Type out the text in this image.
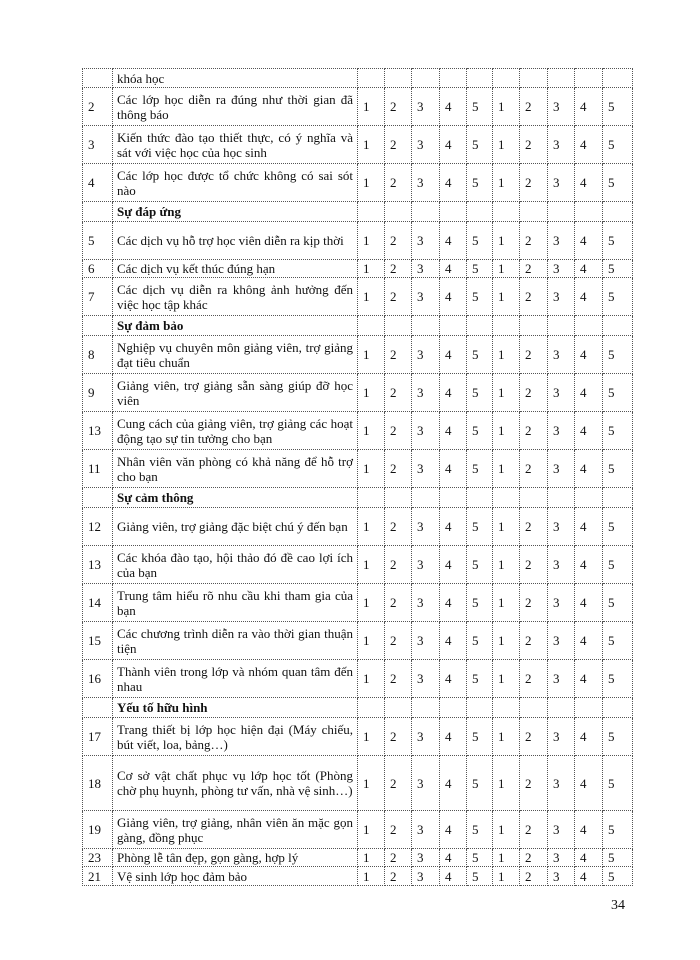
	khóa học										
2	Các lớp học diễn ra đúng như thời gian đã thông báo	1	2	3	4	5	1	2	3	4	5
3	Kiến thức đào tạo thiết thực, có ý nghĩa và sát với việc học của học sinh	1	2	3	4	5	1	2	3	4	5
4	Các lớp học được tổ chức không có sai sót nào	1	2	3	4	5	1	2	3	4	5
	Sự đáp ứng										
5	Các dịch vụ hỗ trợ học viên diễn ra kịp thời	1	2	3	4	5	1	2	3	4	5
6	Các dịch vụ kết thúc đúng hạn	1	2	3	4	5	1	2	3	4	5
7	Các dịch vụ diễn ra không ảnh hưởng đến việc học tập khác	1	2	3	4	5	1	2	3	4	5
	Sự đảm bảo										
8	Nghiệp vụ chuyên môn giảng viên, trợ giảng đạt tiêu chuẩn	1	2	3	4	5	1	2	3	4	5
9	Giảng viên, trợ giảng sẵn sàng giúp đỡ học viên	1	2	3	4	5	1	2	3	4	5
13	Cung cách của giảng viên, trợ giảng các hoạt động tạo sự tin tưởng cho bạn	1	2	3	4	5	1	2	3	4	5
11	Nhân viên văn phòng có khả năng để hỗ trợ cho bạn	1	2	3	4	5	1	2	3	4	5
	Sự cảm thông										
12	Giảng viên, trợ giảng đặc biệt chú ý đến bạn	1	2	3	4	5	1	2	3	4	5
13	Các khóa đào tạo, hội thảo đó đề cao lợi ích của bạn	1	2	3	4	5	1	2	3	4	5
14	Trung tâm hiểu rõ nhu cầu khi tham gia của bạn	1	2	3	4	5	1	2	3	4	5
15	Các chương trình diễn ra vào thời gian thuận tiện	1	2	3	4	5	1	2	3	4	5
16	Thành viên trong lớp và nhóm quan tâm đến nhau	1	2	3	4	5	1	2	3	4	5
	Yếu tố hữu hình										
17	Trang thiết bị lớp học hiện đại (Máy chiếu, bút viết, loa, bảng…)	1	2	3	4	5	1	2	3	4	5
18	Cơ sở vật chất phục vụ lớp học tốt (Phòng chờ phụ huynh, phòng tư vấn, nhà vệ sinh…)	1	2	3	4	5	1	2	3	4	5
19	Giảng viên, trợ giảng, nhân viên ăn mặc gọn gàng, đồng phục	1	2	3	4	5	1	2	3	4	5
23	Phòng lễ tân đẹp, gọn gàng, hợp lý	1	2	3	4	5	1	2	3	4	5
21	Vệ sinh lớp học đảm bảo	1	2	3	4	5	1	2	3	4	5
34
